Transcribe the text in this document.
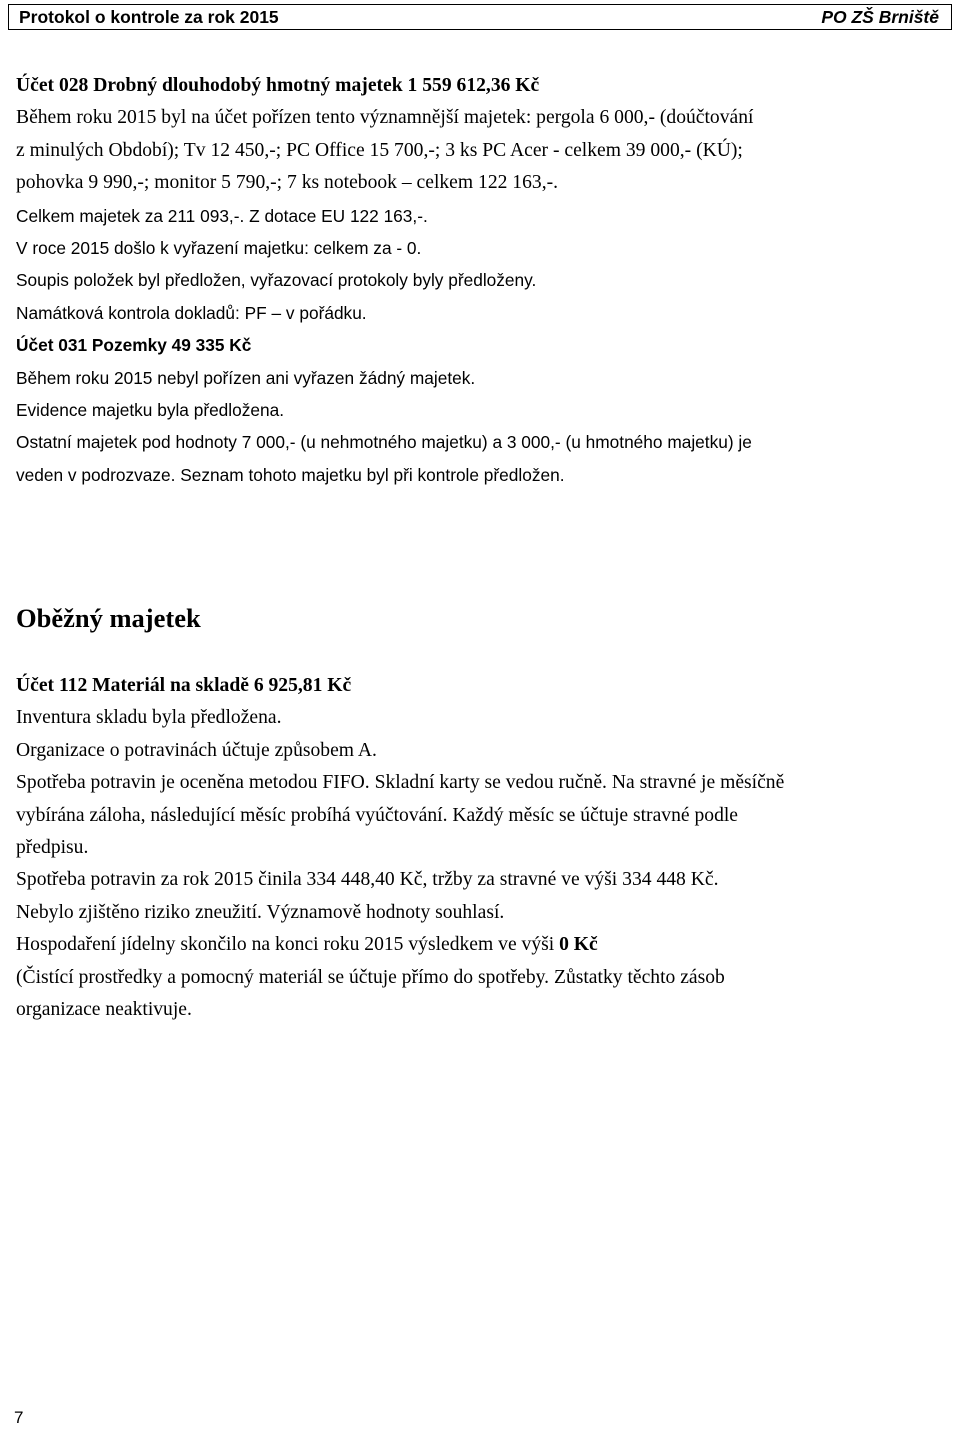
Protokol o kontrole za rok 2015	PO ZŠ Brniště
Účet 028 Drobný dlouhodobý hmotný majetek 1 559 612,36 Kč
Během roku 2015 byl na účet pořízen tento významnější majetek: pergola 6 000,- (doúčtování
z minulých Období); Tv 12 450,-; PC Office 15 700,-; 3 ks PC Acer - celkem 39 000,- (KÚ);
pohovka 9 990,-; monitor 5 790,-; 7 ks notebook – celkem 122 163,-.
Celkem majetek za 211 093,-. Z dotace EU 122 163,-.
V roce 2015 došlo k vyřazení majetku: celkem za - 0.
Soupis položek byl předložen, vyřazovací protokoly byly předloženy.
Namátková kontrola dokladů: PF – v pořádku.
Účet 031 Pozemky 49 335 Kč
Během roku 2015 nebyl pořízen ani vyřazen žádný majetek.
Evidence majetku byla předložena.
Ostatní majetek pod hodnoty 7 000,- (u nehmotného majetku) a 3 000,- (u hmotného majetku) je
veden v podrozvaze. Seznam tohoto majetku byl při kontrole předložen.
Oběžný majetek
Účet 112 Materiál na skladě 6 925,81 Kč
Inventura skladu byla předložena.
Organizace o potravinách účtuje způsobem A.
Spotřeba potravin je oceněna metodou FIFO. Skladní karty se vedou ručně. Na stravné je měsíčně
vybírána záloha, následující měsíc probíhá vyúčtování. Každý měsíc se účtuje stravné podle
předpisu.
Spotřeba potravin za rok 2015 činila 334 448,40 Kč, tržby za stravné ve výši 334 448 Kč.
Nebylo zjištěno riziko zneužití. Významově hodnoty souhlasí.
Hospodaření jídelny skončilo na konci roku 2015 výsledkem ve výši 0 Kč
(Čistící prostředky a pomocný materiál se účtuje přímo do spotřeby. Zůstatky těchto zásob
organizace neaktivuje.
7
